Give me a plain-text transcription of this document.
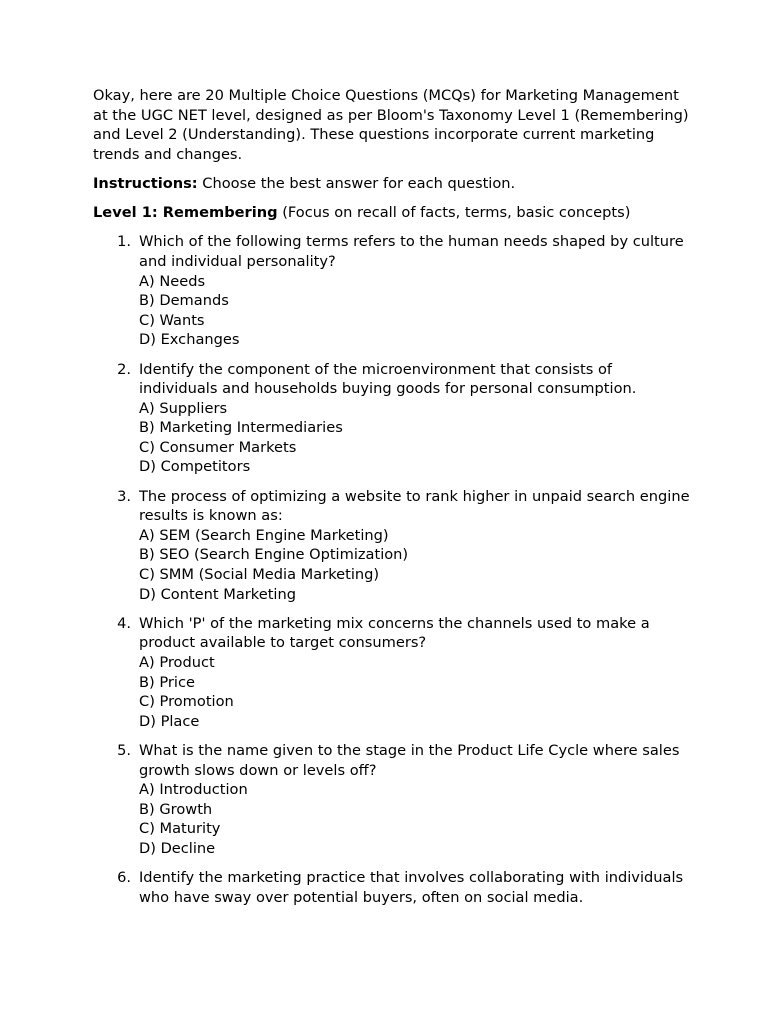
Okay, here are 20 Multiple Choice Questions (MCQs) for Marketing Management at the UGC NET level, designed as per Bloom's Taxonomy Level 1 (Remembering) and Level 2 (Understanding). These questions incorporate current marketing trends and changes.

Instructions: Choose the best answer for each question.

Level 1: Remembering (Focus on recall of facts, terms, basic concepts)

1. Which of the following terms refers to the human needs shaped by culture and individual personality?
A) Needs
B) Demands
C) Wants
D) Exchanges
2. Identify the component of the microenvironment that consists of individuals and households buying goods for personal consumption.
A) Suppliers
B) Marketing Intermediaries
C) Consumer Markets
D) Competitors
3. The process of optimizing a website to rank higher in unpaid search engine results is known as:
A) SEM (Search Engine Marketing)
B) SEO (Search Engine Optimization)
C) SMM (Social Media Marketing)
D) Content Marketing
4. Which 'P' of the marketing mix concerns the channels used to make a product available to target consumers?
A) Product
B) Price
C) Promotion
D) Place
5. What is the name given to the stage in the Product Life Cycle where sales growth slows down or levels off?
A) Introduction
B) Growth
C) Maturity
D) Decline
6. Identify the marketing practice that involves collaborating with individuals who have sway over potential buyers, often on social media.
